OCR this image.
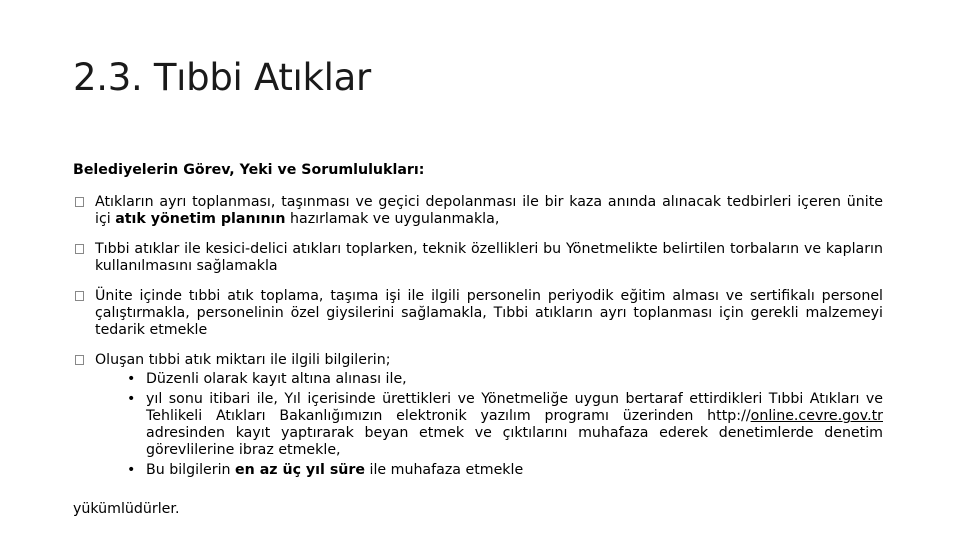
2.3. Tıbbi Atıklar
Belediyelerin Görev, Yeki ve Sorumlulukları:
Atıkların ayrı toplanması, taşınması ve geçici depolanması ile bir kaza anında alınacak tedbirleri içeren ünite içi atık yönetim planının hazırlamak ve uygulanmakla,
Tıbbi atıklar ile kesici-delici atıkları toplarken, teknik özellikleri bu Yönetmelikte belirtilen torbaların ve kapların kullanılmasını sağlamakla
Ünite içinde tıbbi atık toplama, taşıma işi ile ilgili personelin periyodik eğitim alması ve sertifikalı personel çalıştırmakla, personelinin özel giysilerini sağlamakla, Tıbbi atıkların ayrı toplanması için gerekli malzemeyi tedarik etmekle
Oluşan tıbbi atık miktarı ile ilgili bilgilerin;
• Düzenli olarak kayıt altına alınası ile,
• yıl sonu itibari ile, Yıl içerisinde ürettikleri ve Yönetmeliğe uygun bertaraf ettirdikleri Tıbbi Atıkları ve Tehlikeli Atıkları Bakanlığımızın elektronik yazılım programı üzerinden http://online.cevre.gov.tr adresinden kayıt yaptırarak beyan etmek ve çıktılarını muhafaza ederek denetimlerde denetim görevlilerine ibraz etmekle,
• Bu bilgilerin en az üç yıl süre ile muhafaza etmekle
yükümlüdürler.
